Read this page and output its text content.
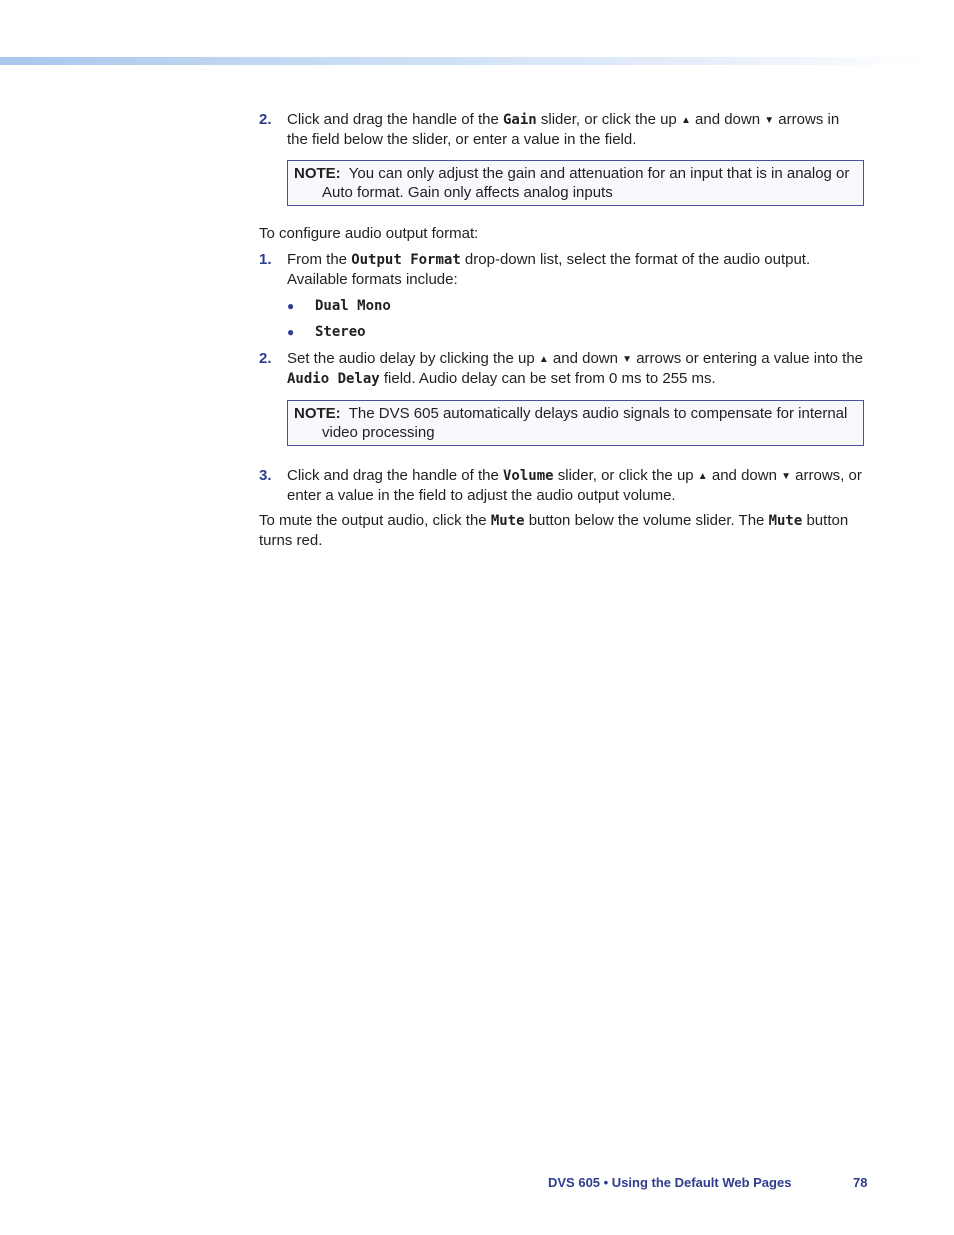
2. Click and drag the handle of the Gain slider, or click the up ▲ and down ▼ arrows in the field below the slider, or enter a value in the field.

NOTE: You can only adjust the gain and attenuation for an input that is in analog or Auto format. Gain only affects analog inputs

To configure audio output format:

1. From the Output Format drop-down list, select the format of the audio output. Available formats include:

● Dual Mono
● Stereo

2. Set the audio delay by clicking the up ▲ and down ▼ arrows or entering a value into the Audio Delay field. Audio delay can be set from 0 ms to 255 ms.

NOTE: The DVS 605 automatically delays audio signals to compensate for internal video processing

3. Click and drag the handle of the Volume slider, or click the up ▲ and down ▼ arrows, or enter a value in the field to adjust the audio output volume.

To mute the output audio, click the Mute button below the volume slider. The Mute button turns red.

DVS 605 • Using the Default Web Pages	78
